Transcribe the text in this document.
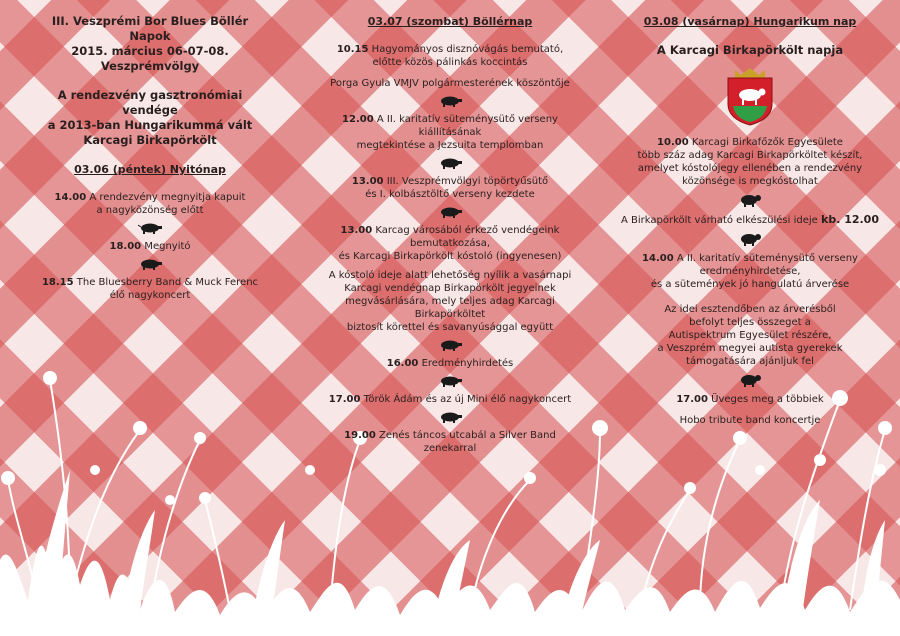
III. Veszprémi Bor Blues Böllér Napok

2015. március 06-07-08.

Veszprémvölgy

A rendezvény gasztronómiai vendége

a 2013-ban Hungarikummá vált

Karcagi Birkapörkölt

03.06 (péntek) Nyitónap

14.00 A rendezvény megnyitja kapuit

a nagyközönség előtt

18.00 Megnyitó

18.15 The Bluesberry Band & Muck Ferenc

élő nagykoncert

03.07 (szombat) Böllérnap

10.15 Hagyományos disznóvágás bemutató,

előtte közös pálinkás koccintás

Porga Gyula VMJV polgármesterének köszöntője

12.00 A II. karitatív süteménysütő verseny kiállításának

megtekintése a Jezsuita templomban

13.00 III. Veszprémvölgyi töpörtyűsütő

és I. kolbásztöltő verseny kezdete

13.00 Karcag városából érkező vendégeink

bemutatkozása,

és Karcagi Birkapörkölt kóstoló (ingyenesen)

A kóstoló ideje alatt lehetőség nyílik a vasárnapi

Karcagi vendégnap Birkapörkölt jegyeinek

megvásárlására, mely teljes adag Karcagi Birkapörköltet

biztosít körettel és savanyúsággal együtt

16.00 Eredményhirdetés

17.00 Török Ádám és az új Mini élő nagykoncert

19.00 Zenés táncos utcabál a Silver Band zenekarral

03.08 (vasárnap) Hungarikum nap
A Karcagi Birkapörkölt napja

10.00 Karcagi Birkafőzők Egyesülete

több száz adag Karcagi Birkapörköltet készít,

amelyet kóstolójegy ellenében a rendezvény

közönsége is megkóstolhat

A Birkapörkölt várható elkészülési ideje kb. 12.00

14.00 A II. karitatív süteménysütő verseny

eredményhirdetése,

és a sütemények jó hangulatú árverése

Az idei esztendőben az árverésből

befolyt teljes összeget a

Autispektrum Egyesület részére,

a Veszprém megyei autista gyerekek

támogatására ajánljuk fel

17.00 Üveges meg a többiek

Hobo tribute band koncertje
